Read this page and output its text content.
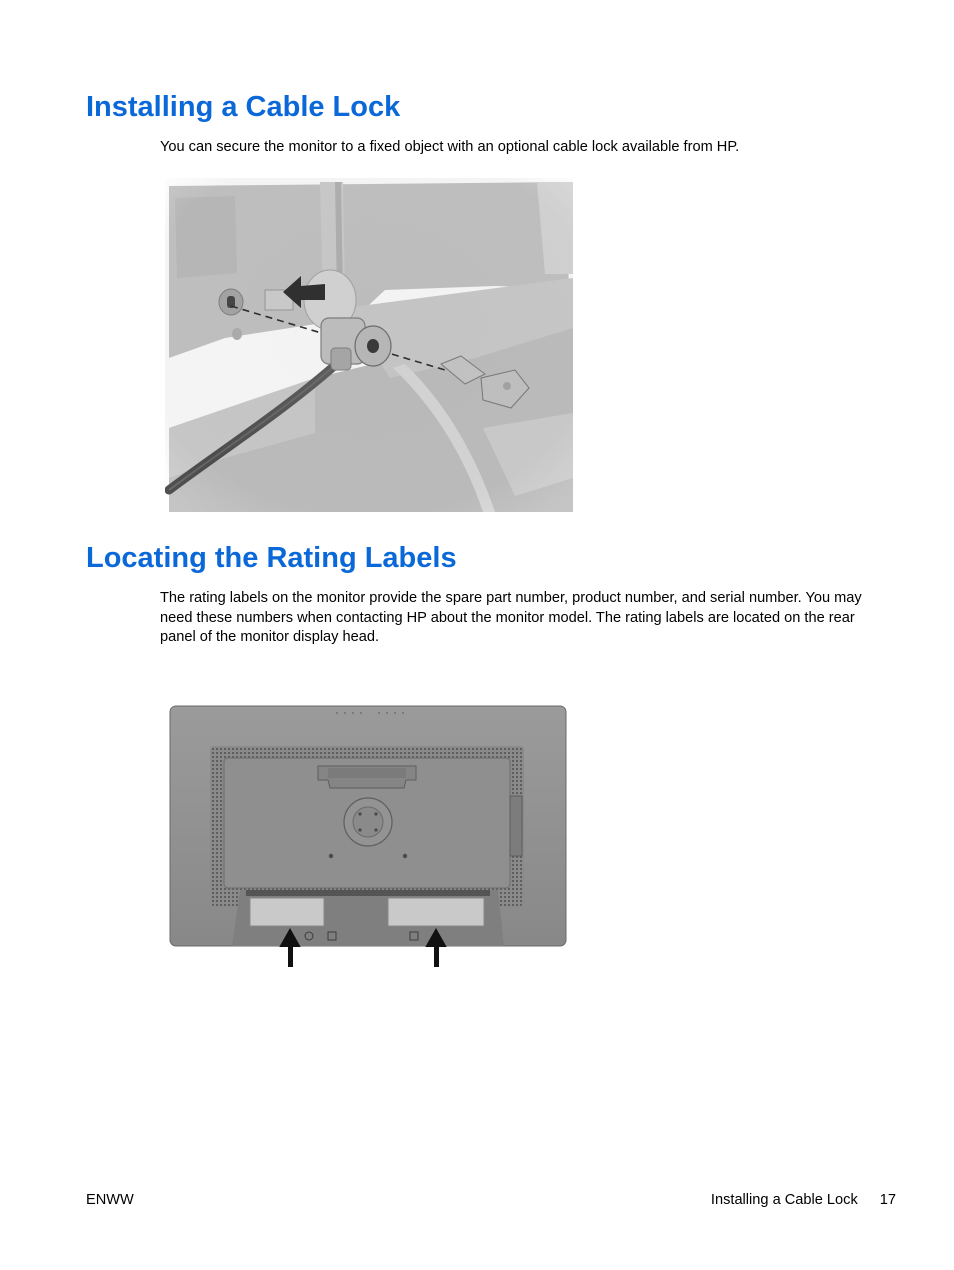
Installing a Cable Lock

You can secure the monitor to a fixed object with an optional cable lock available from HP.

Locating the Rating Labels

The rating labels on the monitor provide the spare part number, product number, and serial number. You may need these numbers when contacting HP about the monitor model. The rating labels are located on the rear panel of the monitor display head.

ENWW	Installing a Cable Lock 17
